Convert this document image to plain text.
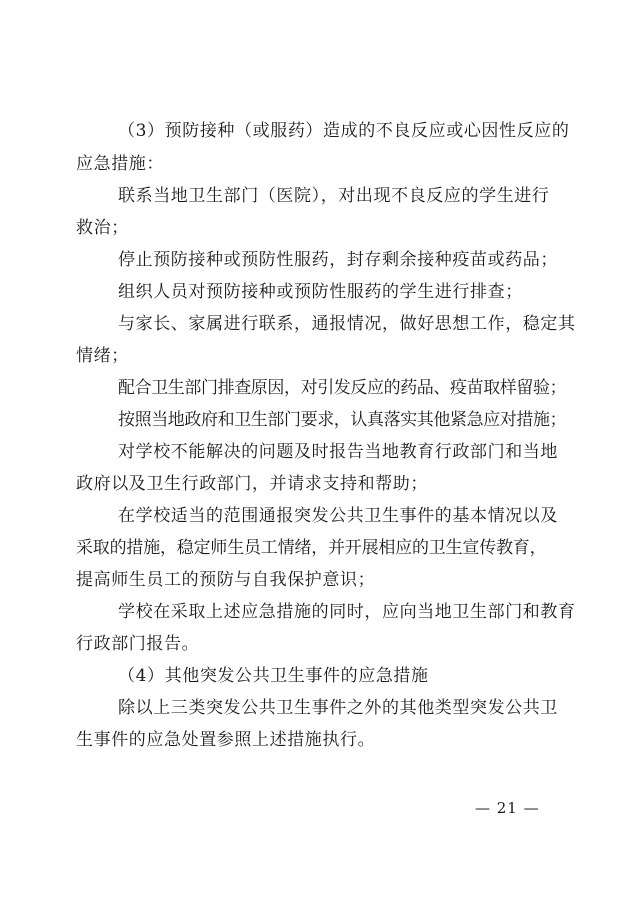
（3）预防接种（或服药）造成的不良反应或心因性反应的
应急措施：
联系当地卫生部门（医院），对出现不良反应的学生进行
救治；
停止预防接种或预防性服药，封存剩余接种疫苗或药品；
组织人员对预防接种或预防性服药的学生进行排查；
与家长、家属进行联系，通报情况，做好思想工作，稳定其
情绪；
配合卫生部门排查原因，对引发反应的药品、疫苗取样留验；
按照当地政府和卫生部门要求，认真落实其他紧急应对措施；
对学校不能解决的问题及时报告当地教育行政部门和当地
政府以及卫生行政部门，并请求支持和帮助；
在学校适当的范围通报突发公共卫生事件的基本情况以及
采取的措施，稳定师生员工情绪，并开展相应的卫生宣传教育，
提高师生员工的预防与自我保护意识；
学校在采取上述应急措施的同时，应向当地卫生部门和教育
行政部门报告。
（4）其他突发公共卫生事件的应急措施
除以上三类突发公共卫生事件之外的其他类型突发公共卫
生事件的应急处置参照上述措施执行。
— 21 —
